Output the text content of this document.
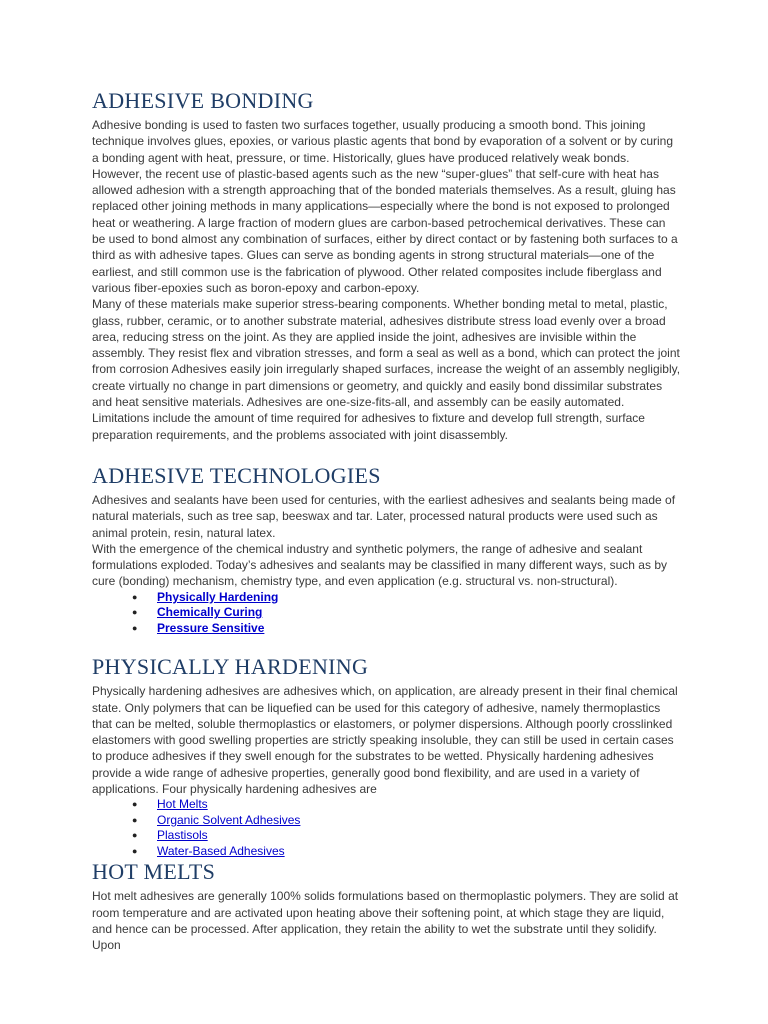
ADHESIVE BONDING

Adhesive bonding is used to fasten two surfaces together, usually producing a smooth bond. This joining technique involves glues, epoxies, or various plastic agents that bond by evaporation of a solvent or by curing a bonding agent with heat, pressure, or time. Historically, glues have produced relatively weak bonds. However, the recent use of plastic-based agents such as the new “super-glues” that self-cure with heat has allowed adhesion with a strength approaching that of the bonded materials themselves. As a result, gluing has replaced other joining methods in many applications—especially where the bond is not exposed to prolonged heat or weathering. A large fraction of modern glues are carbon-based petrochemical derivatives. These can be used to bond almost any combination of surfaces, either by direct contact or by fastening both surfaces to a third as with adhesive tapes. Glues can serve as bonding agents in strong structural materials—one of the earliest, and still common use is the fabrication of plywood. Other related composites include fiberglass and various fiber-epoxies such as boron-epoxy and carbon-epoxy.

Many of these materials make superior stress-bearing components. Whether bonding metal to metal, plastic, glass, rubber, ceramic, or to another substrate material, adhesives distribute stress load evenly over a broad area, reducing stress on the joint. As they are applied inside the joint, adhesives are invisible within the assembly. They resist flex and vibration stresses, and form a seal as well as a bond, which can protect the joint from corrosion Adhesives easily join irregularly shaped surfaces, increase the weight of an assembly negligibly, create virtually no change in part dimensions or geometry, and quickly and easily bond dissimilar substrates and heat sensitive materials. Adhesives are one-size-fits-all, and assembly can be easily automated. Limitations include the amount of time required for adhesives to fixture and develop full strength, surface preparation requirements, and the problems associated with joint disassembly.

ADHESIVE TECHNOLOGIES

Adhesives and sealants have been used for centuries, with the earliest adhesives and sealants being made of natural materials, such as tree sap, beeswax and tar. Later, processed natural products were used such as animal protein, resin, natural latex.

With the emergence of the chemical industry and synthetic polymers, the range of adhesive and sealant formulations exploded. Today’s adhesives and sealants may be classified in many different ways, such as by cure (bonding) mechanism, chemistry type, and even application (e.g. structural vs. non-structural).

● Physically Hardening
● Chemically Curing
● Pressure Sensitive
PHYSICALLY HARDENING

Physically hardening adhesives are adhesives which, on application, are already present in their final chemical state. Only polymers that can be liquefied can be used for this category of adhesive, namely thermoplastics that can be melted, soluble thermoplastics or elastomers, or polymer dispersions. Although poorly crosslinked elastomers with good swelling properties are strictly speaking insoluble, they can still be used in certain cases to produce adhesives if they swell enough for the substrates to be wetted. Physically hardening adhesives provide a wide range of adhesive properties, generally good bond flexibility, and are used in a variety of applications. Four physically hardening adhesives are

● Hot Melts
● Organic Solvent Adhesives
● Plastisols
● Water-Based Adhesives
HOT MELTS

Hot melt adhesives are generally 100% solids formulations based on thermoplastic polymers. They are solid at room temperature and are activated upon heating above their softening point, at which stage they are liquid, and hence can be processed. After application, they retain the ability to wet the substrate until they solidify. Upon
